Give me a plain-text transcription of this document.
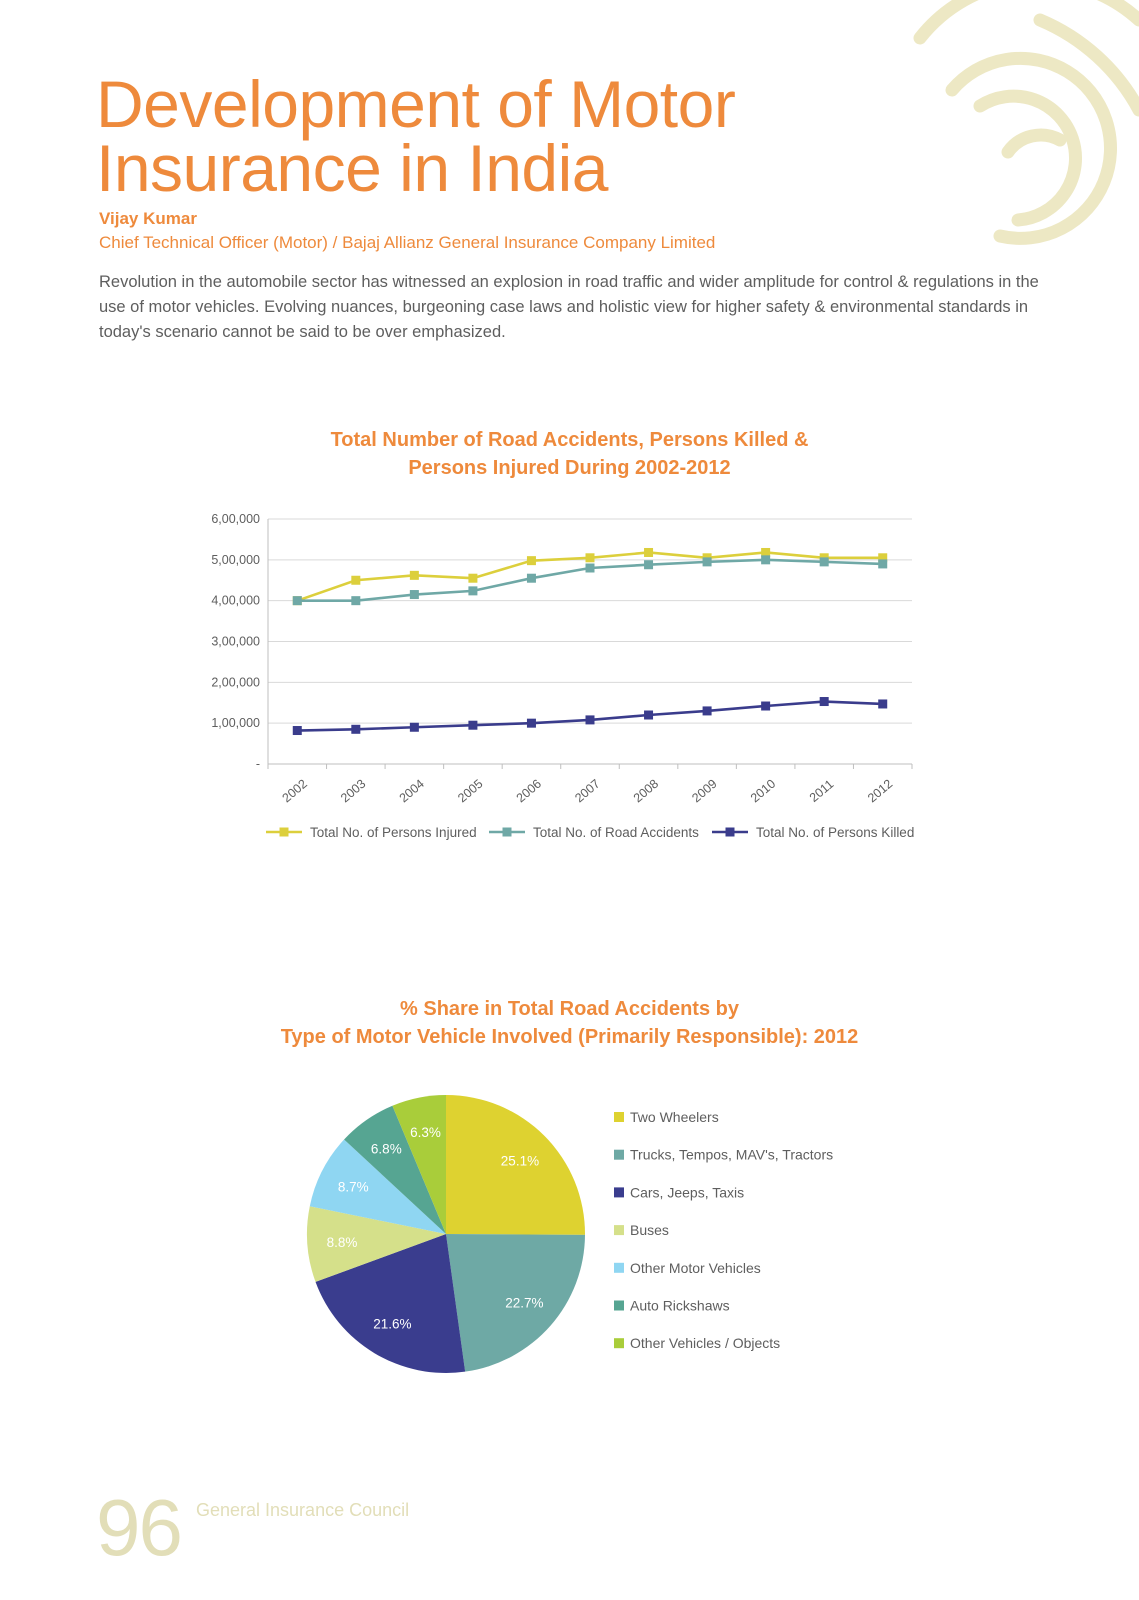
Development of Motor
Insurance in India
Vijay Kumar
Chief Technical Officer (Motor) / Bajaj Allianz General Insurance Company Limited

Revolution in the automobile sector has witnessed an explosion in road traffic and wider amplitude for control & regulations in the use of motor vehicles. Evolving nuances, burgeoning case laws and holistic view for higher safety & environmental standards in today's scenario cannot be said to be over emphasized.

Total Number of Road Accidents, Persons Killed &
Persons Injured During 2002-2012
-
1,00,000
2,00,000
3,00,000
4,00,000
5,00,000
6,00,000
2002 2003 2004 2005 2006 2007 2008 2009 2010 2011 2012
Total No. of Persons Injured	Total No. of Road Accidents	Total No. of Persons Killed
% Share in Total Road Accidents by
Type of Motor Vehicle Involved (Primarily Responsible): 2012
25.1%
22.7%
21.6%
8.8%
8.7%
6.8%
6.3%
Two Wheelers
Trucks, Tempos, MAV's, Tractors
Cars, Jeeps, Taxis
Buses
Other Motor Vehicles
Auto Rickshaws
Other Vehicles / Objects
96 General Insurance Council
